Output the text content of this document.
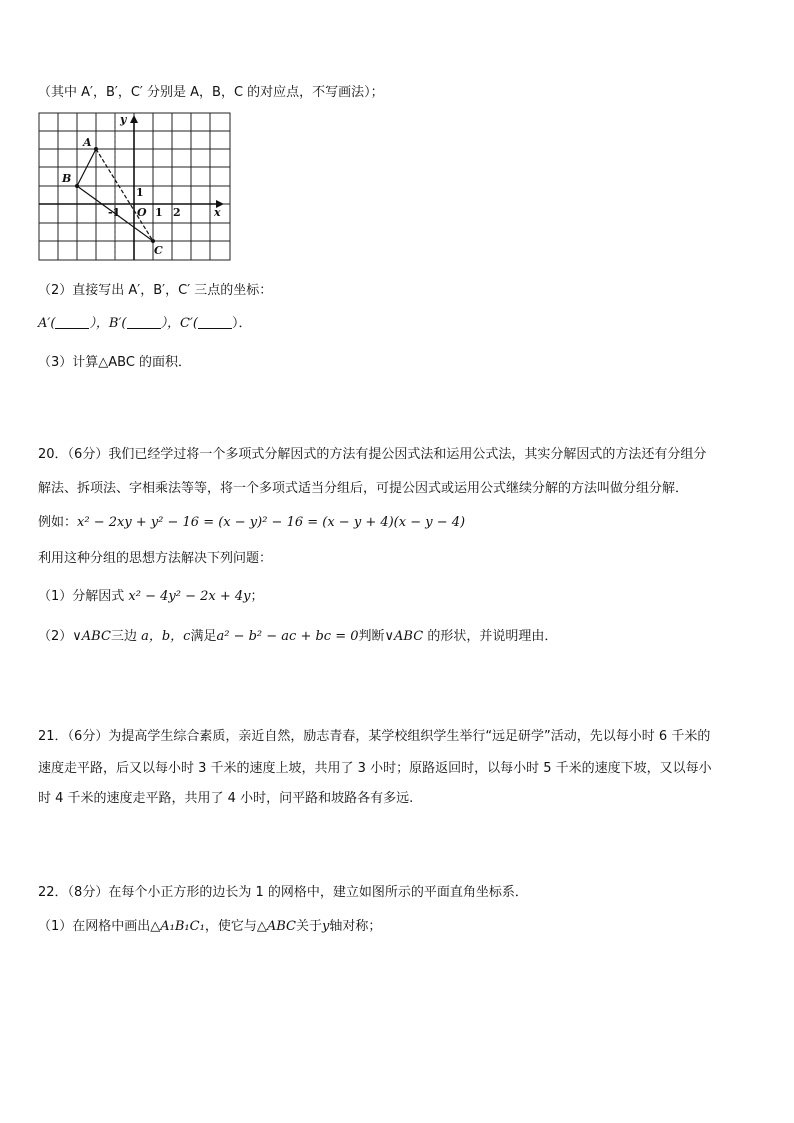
（其中 A′，B′，C′ 分别是 A，B，C 的对应点，不写画法）；
y
x
A
B
C
O
-1	1 2
1
（2）直接写出 A′，B′，C′ 三点的坐标：
A′(	），B′(	），C′(	）．
（3）计算△ABC 的面积．
20．（6分）我们已经学过将一个多项式分解因式的方法有提公因式法和运用公式法，其实分解因式的方法还有分组分
解法、拆项法、字相乘法等等，将一个多项式适当分组后，可提公因式或运用公式继续分解的方法叫做分组分解．
例如：x² − 2xy + y² − 16 = (x − y)² − 16 = (x − y + 4)(x − y − 4)
利用这种分组的思想方法解决下列问题：
（1）分解因式 x² − 4y² − 2x + 4y；
（2）∨ABC三边 a，b，c满足a² − b² − ac + bc = 0判断∨ABC 的形状，并说明理由．
21．（6分）为提高学生综合素质，亲近自然，励志青春，某学校组织学生举行“远足研学”活动，先以每小时 6 千米的
速度走平路，后又以每小时 3 千米的速度上坡，共用了 3 小时；原路返回时，以每小时 5 千米的速度下坡，又以每小
时 4 千米的速度走平路，共用了 4 小时，问平路和坡路各有多远.
22．（8分）在每个小正方形的边长为 1 的网格中，建立如图所示的平面直角坐标系．
（1）在网格中画出△A₁B₁C₁，使它与△ABC关于y轴对称；
